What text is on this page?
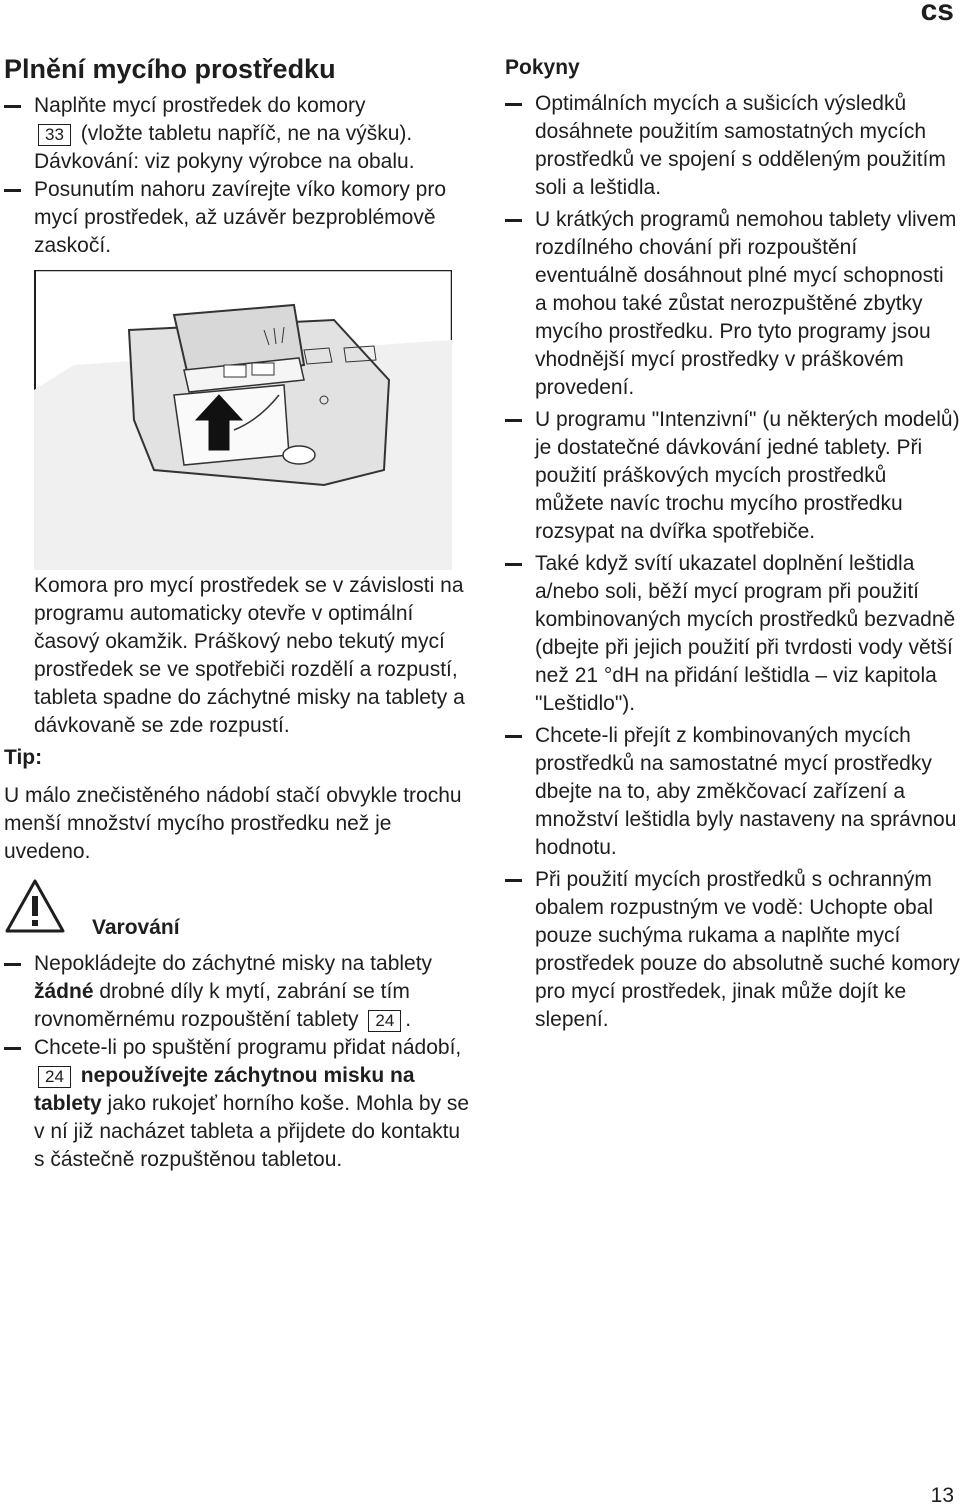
cs
Plnění mycího prostředku
Naplňte mycí prostředek do komory
33 (vložte tabletu napříč, ne na výšku). Dávkování: viz pokyny výrobce na obalu.
Posunutím nahoru zavírejte víko komory pro mycí prostředek, až uzávěr bezproblémově zaskočí.
Komora pro mycí prostředek se v závislosti na programu automaticky otevře v optimální časový okamžik. Práškový nebo tekutý mycí prostředek se ve spotřebiči rozdělí a rozpustí, tableta spadne do záchytné misky na tablety a dávkovaně se zde rozpustí.
Tip:
U málo znečistěného nádobí stačí obvykle trochu menší množství mycího prostředku než je uvedeno.
Varování
Nepokládejte do záchytné misky na tablety žádné drobné díly k mytí, zabrání se tím rovnoměrnému rozpouštění tablety 24 .
Chcete-li po spuštění programu přidat nádobí, 24 nepoužívejte záchytnou misku na tablety jako rukojeť horního koše. Mohla by se v ní již nacházet tableta a přijdete do kontaktu s částečně rozpuštěnou tabletou.
Pokyny
Optimálních mycích a sušicích výsledků dosáhnete použitím samostatných mycích prostředků ve spojení s odděleným použitím soli a leštidla.
U krátkých programů nemohou tablety vlivem rozdílného chování při rozpouštění eventuálně dosáhnout plné mycí schopnosti a mohou také zůstat nerozpuštěné zbytky mycího prostředku. Pro tyto programy jsou vhodnější mycí prostředky v práškovém provedení.
U programu "Intenzivní" (u některých modelů) je dostatečné dávkování jedné tablety. Při použití práškových mycích prostředků můžete navíc trochu mycího prostředku rozsypat na dvířka spotřebiče.
Také když svítí ukazatel doplnění leštidla a/nebo soli, běží mycí program při použití kombinovaných mycích prostředků bezvadně (dbejte při jejich použití při tvrdosti vody větší než 21 °dH na přidání leštidla – viz kapitola "Leštidlo").
Chcete-li přejít z kombinovaných mycích prostředků na samostatné mycí prostředky dbejte na to, aby změkčovací zařízení a množství leštidla byly nastaveny na správnou hodnotu.
Při použití mycích prostředků s ochranným obalem rozpustným ve vodě: Uchopte obal pouze suchýma rukama a naplňte mycí prostředek pouze do absolutně suché komory pro mycí prostředek, jinak může dojít ke slepení.
13
